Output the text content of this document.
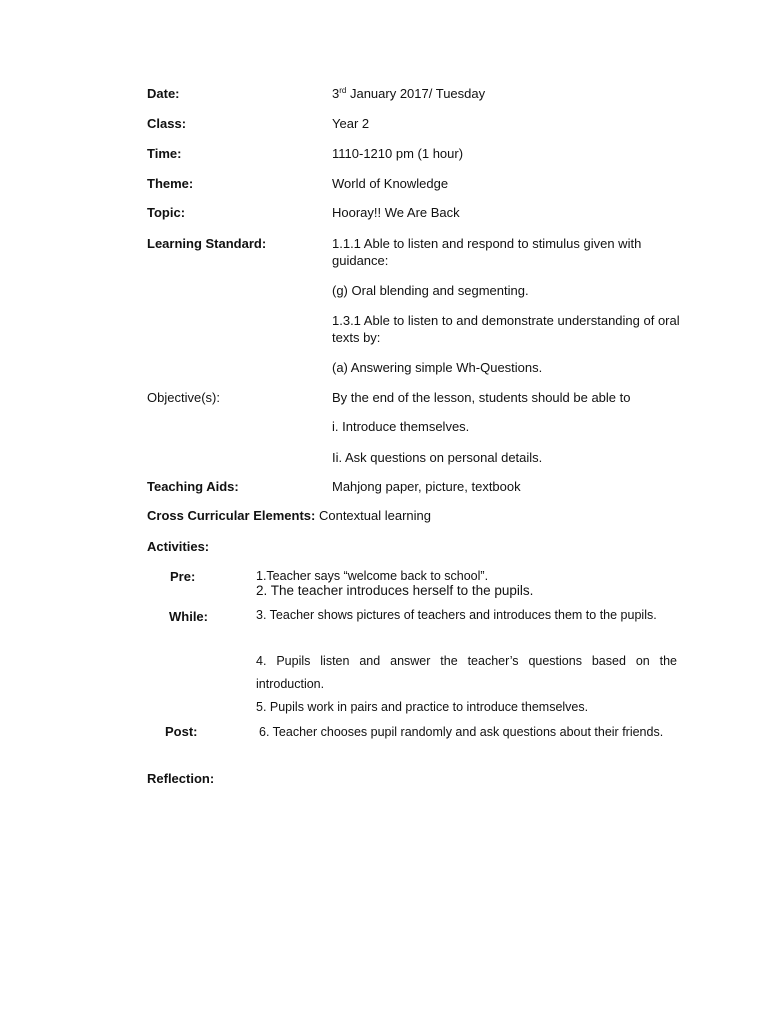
Date:	3rd January 2017/ Tuesday
Class:	Year 2
Time:	1110-1210 pm (1 hour)
Theme:	World of Knowledge
Topic:	Hooray!! We Are Back
Learning Standard:	1.1.1 Able to listen and respond to stimulus given with guidance:
(g) Oral blending and segmenting.
1.3.1 Able to listen to and demonstrate understanding of oral texts by:
(a) Answering simple Wh-Questions.
Objective(s):	By the end of the lesson, students should be able to
i. Introduce themselves.
Ii. Ask questions on personal details.
Teaching Aids:	Mahjong paper, picture, textbook
Cross Curricular Elements: Contextual learning
Activities:
Pre:	1.Teacher says “welcome back to school”.
2. The teacher introduces herself to the pupils.
While:	3. Teacher shows pictures of teachers and introduces them to the pupils.
4. Pupils listen and answer the teacher’s questions based on the introduction.
5. Pupils work in pairs and practice to introduce themselves.
Post:	6. Teacher chooses pupil randomly and ask questions about their friends.
Reflection:
